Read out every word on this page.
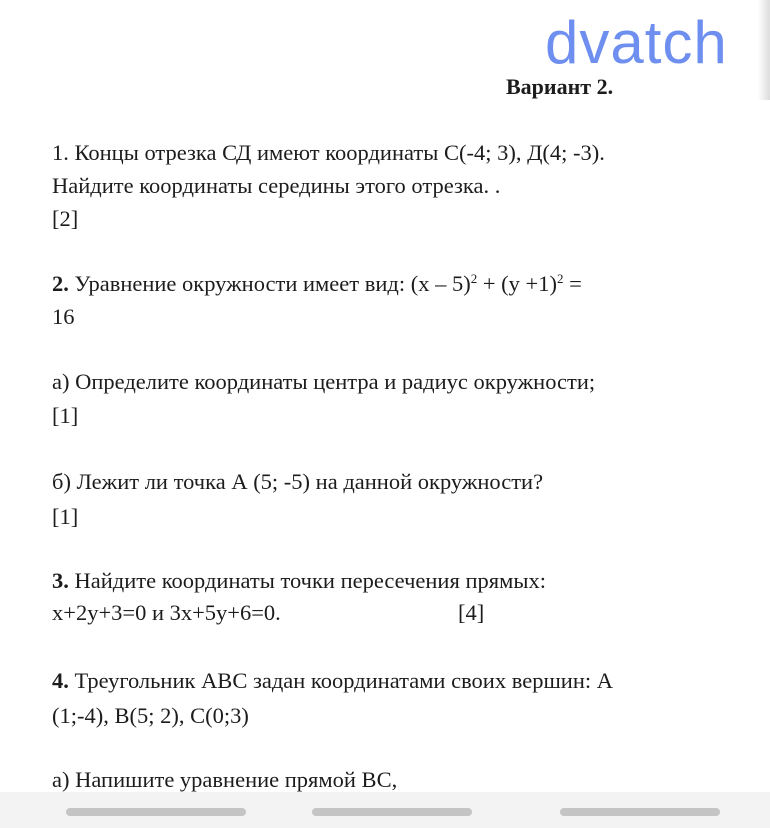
dvatch
Вариант 2.
1. Концы отрезка СД имеют координаты С(-4; 3), Д(4; -3).
Найдите координаты середины этого отрезка. .
[2]
2. Уравнение окружности имеет вид: $(x - 5)^2 + (y +1)^2$ =
16
а) Определите координаты центра и радиус окружности;
[1]
б) Лежит ли точка А (5; -5) на данной окружности?
[1]
3. Найдите координаты точки пересечения прямых:
x+2y+3=0 и 3x+5y+6=0.	[4]
4. Треугольник АВС задан координатами своих вершин: А
(1;-4), В(5; 2), С(0;3)
а) Напишите уравнение прямой ВС,
